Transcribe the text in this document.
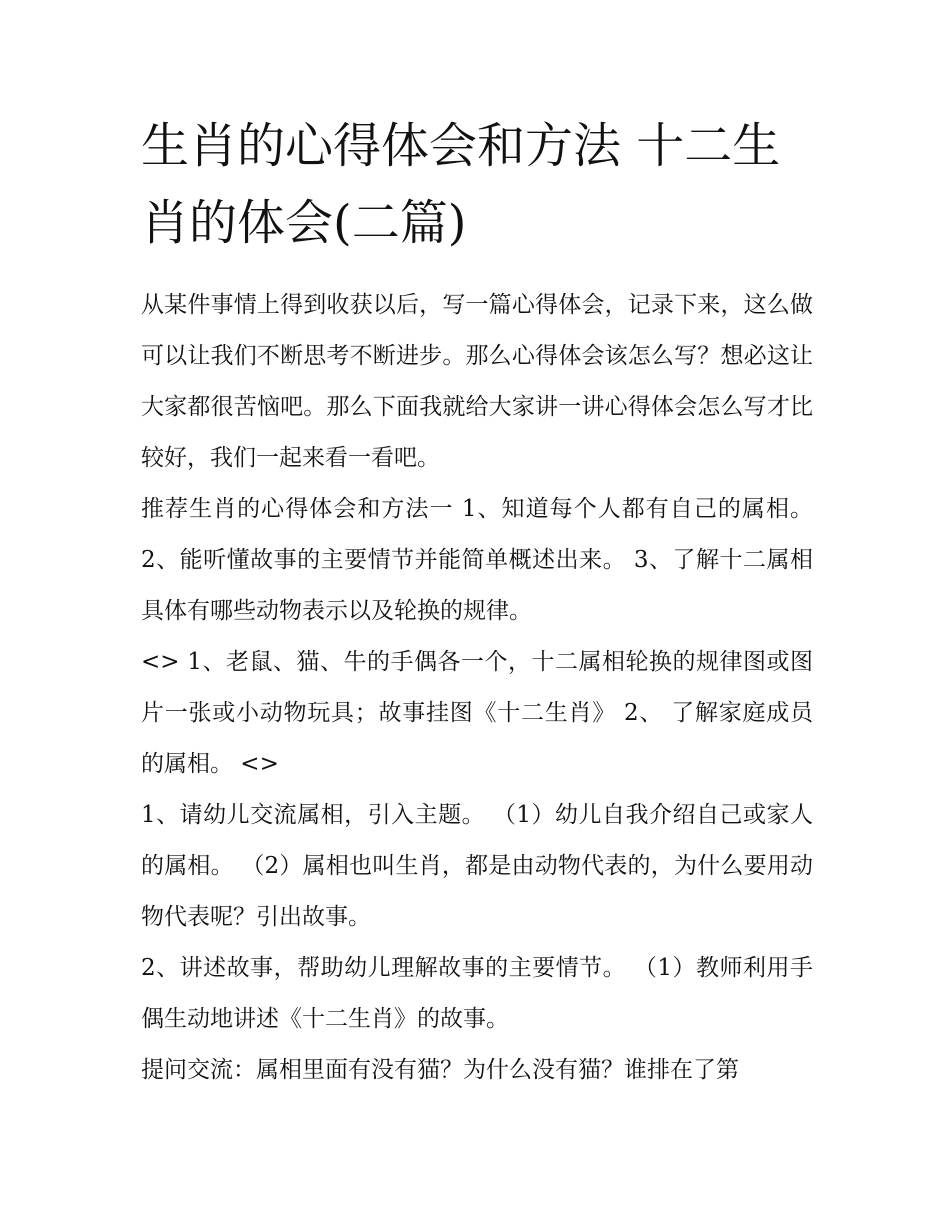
生肖的心得体会和方法 十二生肖的体会(二篇)

从某件事情上得到收获以后，写一篇心得体会，记录下来，这么做可以让我们不断思考不断进步。那么心得体会该怎么写？想必这让大家都很苦恼吧。那么下面我就给大家讲一讲心得体会怎么写才比较好，我们一起来看一看吧。

推荐生肖的心得体会和方法一 1、知道每个人都有自己的属相。 2、能听懂故事的主要情节并能简单概述出来。 3、了解十二属相具体有哪些动物表示以及轮换的规律。

<> 1、老鼠、猫、牛的手偶各一个，十二属相轮换的规律图或图片一张或小动物玩具；故事挂图《十二生肖》 2、 了解家庭成员的属相。 <>

1、请幼儿交流属相，引入主题。 （1）幼儿自我介绍自己或家人的属相。 （2）属相也叫生肖，都是由动物代表的，为什么要用动物代表呢？引出故事。

2、讲述故事，帮助幼儿理解故事的主要情节。 （1）教师利用手偶生动地讲述《十二生肖》的故事。

提问交流：属相里面有没有猫？为什么没有猫？谁排在了第
